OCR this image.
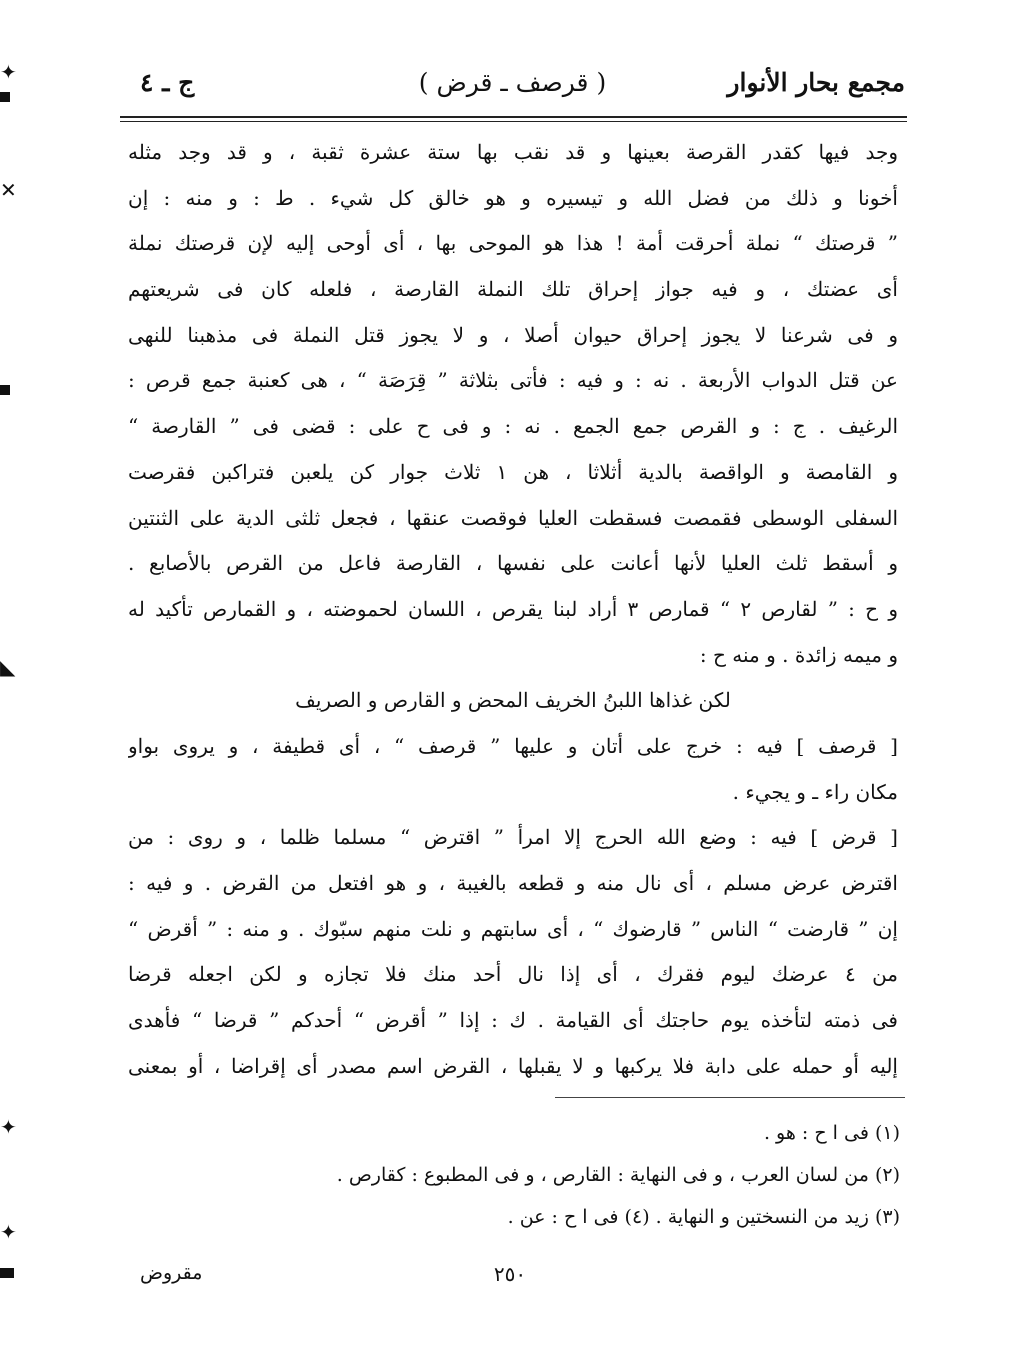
مجمع بحار الأنوار
( قرصف ـ قرض )
ج ـ ٤
وجد فيها كقدر القرصة بعينها و قد نقب بها ستة عشرة ثقبة ، و قد وجد مثله
أخونا و ذلك من فضل الله و تيسيره و هو خالق كل شيء . ط : و منه : إن
” قرصتك “ نملة أحرقت أمة ! هذا هو الموحى بها ، أى أوحى إليه لإن قرصتك نملة
أى عضتك ، و فيه جواز إحراق تلك النملة القارصة ، فلعله كان فى شريعتهم
و فى شرعنا لا يجوز إحراق حيوان أصلا ، و لا يجوز قتل النملة فى مذهبنا للنهى
عن قتل الدواب الأربعة . نه : و فيه : فأتى بثلاثة ” قِرَصَة “ ، هى كعنبة جمع قرص :
الرغيف . ج : و القرص جمع الجمع . نه : و فى ح على : قضى فى ” القارصة “
و القامصة و الواقصة بالدية أثلاثا ، هن ١ ثلاث جوار كن يلعبن فتراكبن فقرصت
السفلى الوسطى فقمصت فسقطت العليا فوقصت عنقها ، فجعل ثلثى الدية على الثنتين
و أسقط ثلث العليا لأنها أعانت على نفسها ، القارصة فاعل من القرص بالأصابع .
و ح : ” لقارص ٢ “ قمارص ٣ أراد لبنا يقرص ، اللسان لحموضته ، و القمارص تأكيد له
و ميمه زائدة . و منه ح :
لكن غذاها اللبنُ الخريف المحض و القارص و الصريف
[ قرصف ] فيه : خرج على أتان و عليها ” قرصف “ ، أى قطيفة ، و يروى بواو
مكان راء ـ و يجيء .
[ قرض ] فيه : وضع الله الحرج إلا امرأ ” اقترض “ مسلما ظلما ، و روى : من
اقترض عرض مسلم ، أى نال منه و قطعه بالغيبة ، و هو افتعل من القرض . و فيه :
إن ” قارضت “ الناس ” قارضوك “ ، أى سابتهم و نلت منهم سبّوك . و منه : ” أقرض “
من ٤ عرضك ليوم فقرك ، أى إذا نال أحد منك فلا تجازه و لكن اجعله قرضا
فى ذمته لتأخذه يوم حاجتك أى القيامة . ك : إذا ” أقرض “ أحدكم ” قرضا “ فأهدى
إليه أو حمله على دابة فلا يركبها و لا يقبلها ، القرض اسم مصدر أى إقراضا ، أو بمعنى
(١) فى ا ح : هو .
(٢) من لسان العرب ، و فى النهاية : القارص ، و فى المطبوع : كقارص .
(٣) زيد من النسختين و النهاية . (٤) فى ا ح : عن .
٢٥٠
مقروض
✦
✕
◣
✦
✦
